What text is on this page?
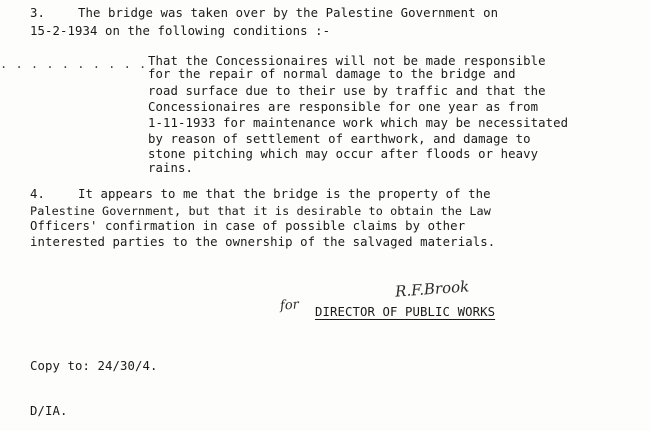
3.	The bridge was taken over by the Palestine Government on
15-2-1934 on the following conditions :-
. . . . . . . . . . That the Concessionaires will not be made responsible
for the repair of normal damage to the bridge and
road surface due to their use by traffic and that the
Concessionaires are responsible for one year as from
1-11-1933 for maintenance work which may be necessitated
by reason of settlement of earthwork, and damage to
stone pitching which may occur after floods or heavy
rains.
4.	It appears to me that the bridge is the property of the
Palestine Government, but that it is desirable to obtain the Law
Officers' confirmation in case of possible claims by other
interested parties to the ownership of the salvaged materials.
R.F.Brook
for DIRECTOR OF PUBLIC WORKS
Copy to: 24/30/4.
D/IA.
